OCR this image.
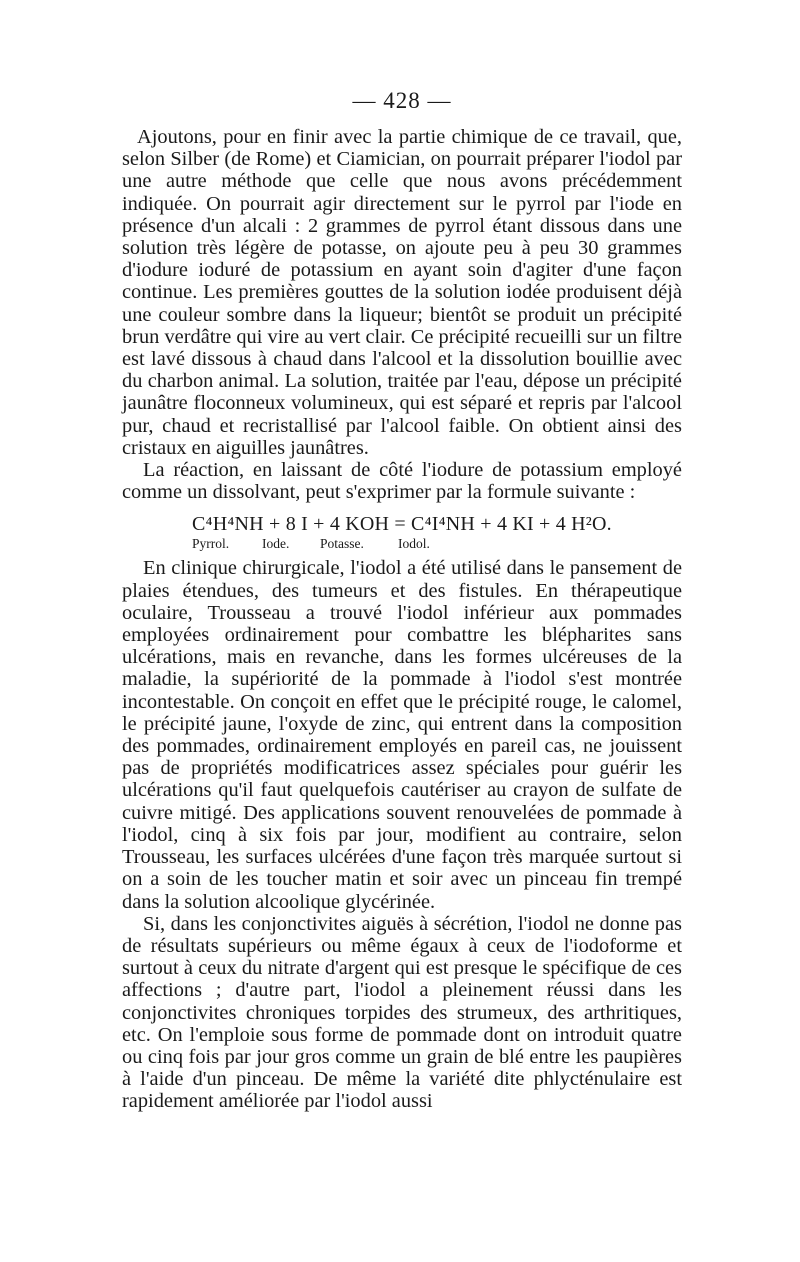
— 428 —

Ajoutons, pour en finir avec la partie chimique de ce travail, que, selon Silber (de Rome) et Ciamician, on pourrait préparer l'iodol par une autre méthode que celle que nous avons précédemment indiquée. On pourrait agir directement sur le pyrrol par l'iode en présence d'un alcali : 2 grammes de pyrrol étant dissous dans une solution très légère de potasse, on ajoute peu à peu 30 grammes d'iodure ioduré de potassium en ayant soin d'agiter d'une façon continue. Les premières gouttes de la solution iodée produisent déjà une couleur sombre dans la liqueur; bientôt se produit un précipité brun verdâtre qui vire au vert clair. Ce précipité recueilli sur un filtre est lavé dissous à chaud dans l'alcool et la dissolution bouillie avec du charbon animal. La solution, traitée par l'eau, dépose un précipité jaunâtre floconneux volumineux, qui est séparé et repris par l'alcool pur, chaud et recristallisé par l'alcool faible. On obtient ainsi des cristaux en aiguilles jaunâtres.

La réaction, en laissant de côté l'iodure de potassium employé comme un dissolvant, peut s'exprimer par la formule suivante :

C⁴H⁴NH + 8 I + 4 KOH = C⁴I⁴NH + 4 KI + 4 H²O.
Pyrrol. Iode. Potasse.	Iodol.

En clinique chirurgicale, l'iodol a été utilisé dans le pansement de plaies étendues, des tumeurs et des fistules. En thérapeutique oculaire, Trousseau a trouvé l'iodol inférieur aux pommades employées ordinairement pour combattre les blépharites sans ulcérations, mais en revanche, dans les formes ulcéreuses de la maladie, la supériorité de la pommade à l'iodol s'est montrée incontestable. On conçoit en effet que le précipité rouge, le calomel, le précipité jaune, l'oxyde de zinc, qui entrent dans la composition des pommades, ordinairement employés en pareil cas, ne jouissent pas de propriétés modificatrices assez spéciales pour guérir les ulcérations qu'il faut quelquefois cautériser au crayon de sulfate de cuivre mitigé. Des applications souvent renouvelées de pommade à l'iodol, cinq à six fois par jour, modifient au contraire, selon Trousseau, les surfaces ulcérées d'une façon très marquée surtout si on a soin de les toucher matin et soir avec un pinceau fin trempé dans la solution alcoolique glycérinée.

Si, dans les conjonctivites aiguës à sécrétion, l'iodol ne donne pas de résultats supérieurs ou même égaux à ceux de l'iodoforme et surtout à ceux du nitrate d'argent qui est presque le spécifique de ces affections ; d'autre part, l'iodol a pleinement réussi dans les conjonctivites chroniques torpides des strumeux, des arthritiques, etc. On l'emploie sous forme de pommade dont on introduit quatre ou cinq fois par jour gros comme un grain de blé entre les paupières à l'aide d'un pinceau. De même la variété dite phlycténulaire est rapidement améliorée par l'iodol aussi
